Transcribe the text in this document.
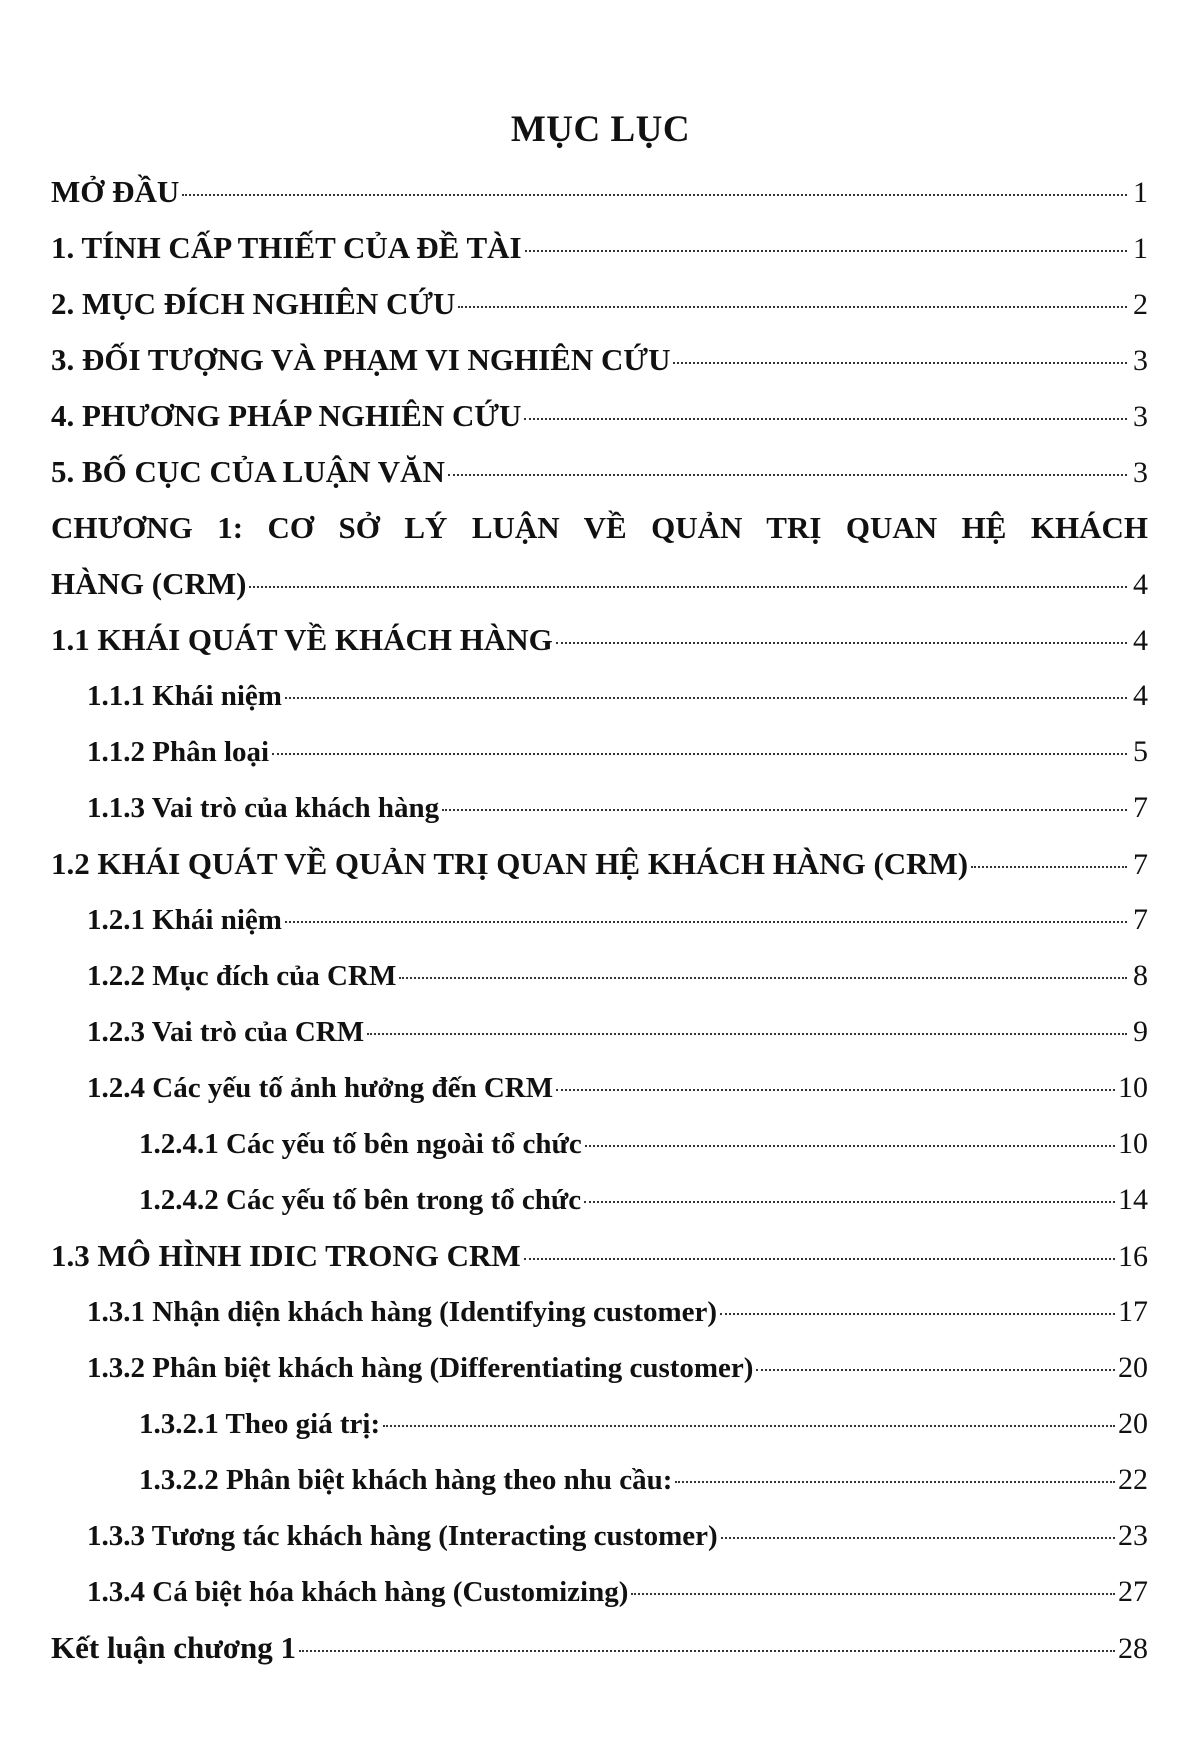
MỤC LỤC
MỞ ĐẦU	1
1. TÍNH CẤP THIẾT CỦA ĐỀ TÀI	1
2. MỤC ĐÍCH NGHIÊN CỨU	2
3. ĐỐI TƯỢNG VÀ PHẠM VI NGHIÊN CỨU	3
4. PHƯƠNG PHÁP NGHIÊN CỨU	3
5. BỐ CỤC CỦA LUẬN VĂN	3
CHƯƠNG 1: CƠ SỞ LÝ LUẬN VỀ QUẢN TRỊ QUAN HỆ KHÁCH
HÀNG (CRM)	4
1.1 KHÁI QUÁT VỀ KHÁCH HÀNG	4
1.1.1 Khái niệm	4
1.1.2 Phân loại	5
1.1.3 Vai trò của khách hàng	7
1.2 KHÁI QUÁT VỀ QUẢN TRỊ QUAN HỆ KHÁCH HÀNG (CRM)	7
1.2.1 Khái niệm	7
1.2.2 Mục đích của CRM	8
1.2.3 Vai trò của CRM	9
1.2.4 Các yếu tố ảnh hưởng đến CRM	10
1.2.4.1 Các yếu tố bên ngoài tổ chức	10
1.2.4.2 Các yếu tố bên trong tổ chức	14
1.3 MÔ HÌNH IDIC TRONG CRM	16
1.3.1 Nhận diện khách hàng (Identifying customer)	17
1.3.2 Phân biệt khách hàng (Differentiating customer)	20
1.3.2.1 Theo giá trị:	20
1.3.2.2 Phân biệt khách hàng theo nhu cầu:	22
1.3.3 Tương tác khách hàng (Interacting customer)	23
1.3.4 Cá biệt hóa khách hàng (Customizing)	27
Kết luận chương 1	28
